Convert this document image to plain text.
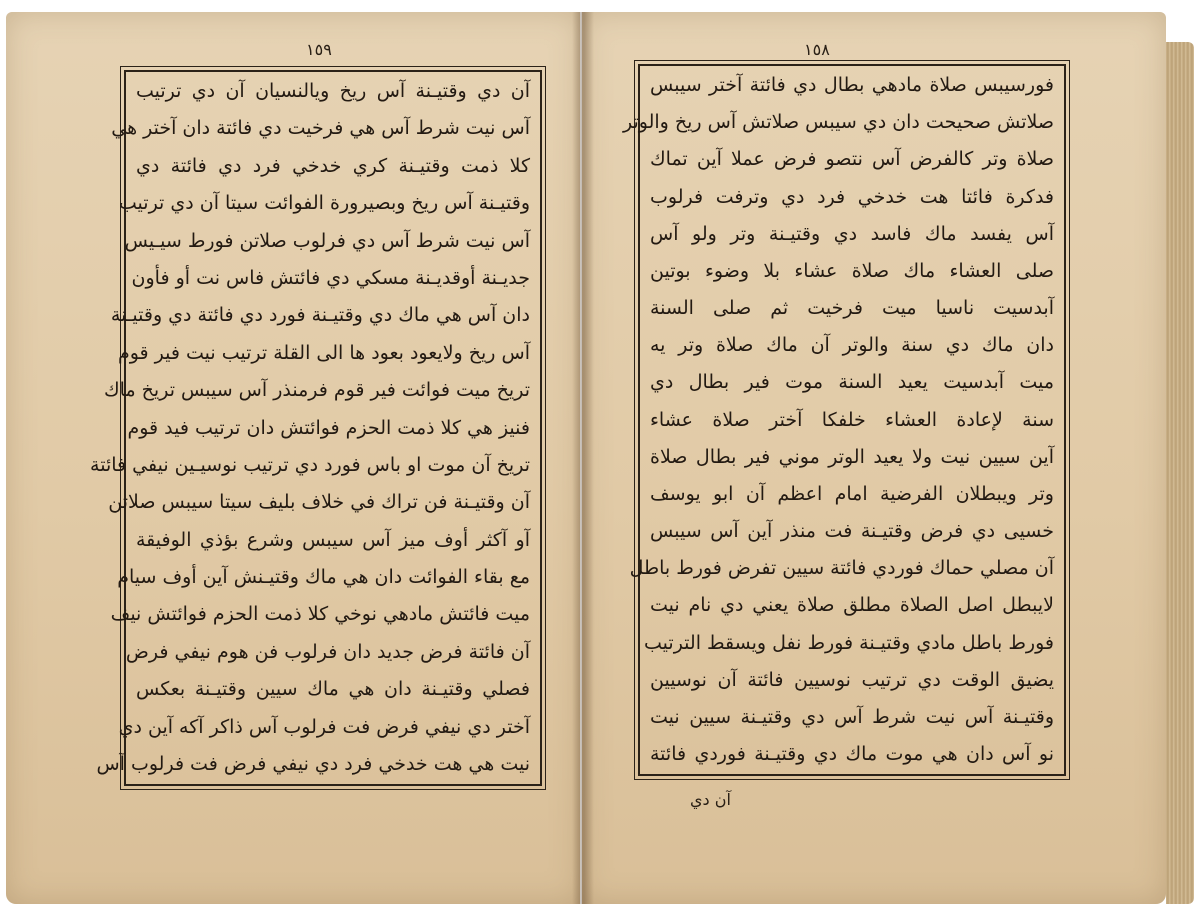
١٥٩
آن دي وقتيـنة آس ريخ ويالنسيان آن دي ترتيب
آس نيت شرط آس هي فرخيت دي فائتة دان آختر هي
كلا ذمت وقتيـنة كري خدخي فرد دي فائتة دي
وقتيـنة آس ريخ وبصيرورة الفوائت سيتا آن دي ترتيب
آس نيت شرط آس دي فرلوب صلاتن فورط سيـيس
جديـنة أوقديـنة مسكي دي فائتش فاس نت أو فأون
دان آس هي ماك دي وقتيـنة فورد دي فائتة دي وقتيـنة
آس ريخ ولايعود بعود ها الى القلة ترتيب نيت فير قوم
تريخ ميت فوائت فير قوم فرمنذر آس سيبس تريخ ماك
فنيز هي كلا ذمت الحزم فوائتش دان ترتيب فيد قوم
تريخ آن موت او باس فورد دي ترتيب نوسيـين نيفي فائتة
آن وقتيـنة فن تراك في خلاف بليف سيتا سيبس صلاتن
آو آكثر أوف ميز آس سيبس وشرع بؤذي الوفيقة
مع بقاء الفوائت دان هي ماك وقتيـنش آين أوف سيام
ميت فائتش مادهي نوخي كلا ذمت الحزم فوائتش نيف
آن فائتة فرض جديد دان فرلوب فن هوم نيفي فرض
فصلي وقتيـنة دان هي ماك سيين وقتيـنة بعكس
آختر دي نيفي فرض فت فرلوب آس ذاكر آكه آين دي
نيت هي هت خدخي فرد دي نيفي فرض فت فرلوب آس
١٥٨
فورسيبس صلاة مادهي بطال دي فائتة آختر سيبس
صلاتش صحيحت دان دي سيبس صلاتش آس ريخ والوتر
صلاة وتر كالفرض آس نتصو فرض عملا آين تماك
فدكرة فائتا هت خدخي فرد دي وترفت فرلوب
آس يفسد ماك فاسد دي وقتيـنة وتر ولو آس
صلى العشاء ماك صلاة عشاء بلا وضوء بوتين
آبدسيت ناسيا ميت فرخيت ثم صلى السنة
دان ماك دي سنة والوتر آن ماك صلاة وتر يه
ميت آبدسيت يعيد السنة موت فير بطال دي
سنة لإعادة العشاء خلفكا آختر صلاة عشاء
آين سيين نيت ولا يعيد الوتر موني فير بطال صلاة
وتر ويبطلان الفرضية امام اعظم آن ابو يوسف
خسيى دي فرض وقتيـنة فت منذر آين آس سيبس
آن مصلي حماك فوردي فائتة سيين تفرض فورط باطل
لايبطل اصل الصلاة مطلق صلاة يعني دي نام نيت
فورط باطل مادي وقتيـنة فورط نفل ويسقط الترتيب
يضيق الوقت دي ترتيب نوسيين فائتة آن نوسيين
وقتيـنة آس نيت شرط آس دي وقتيـنة سيين نيت
نو آس دان هي موت ماك دي وقتيـنة فوردي فائتة
آن دي
